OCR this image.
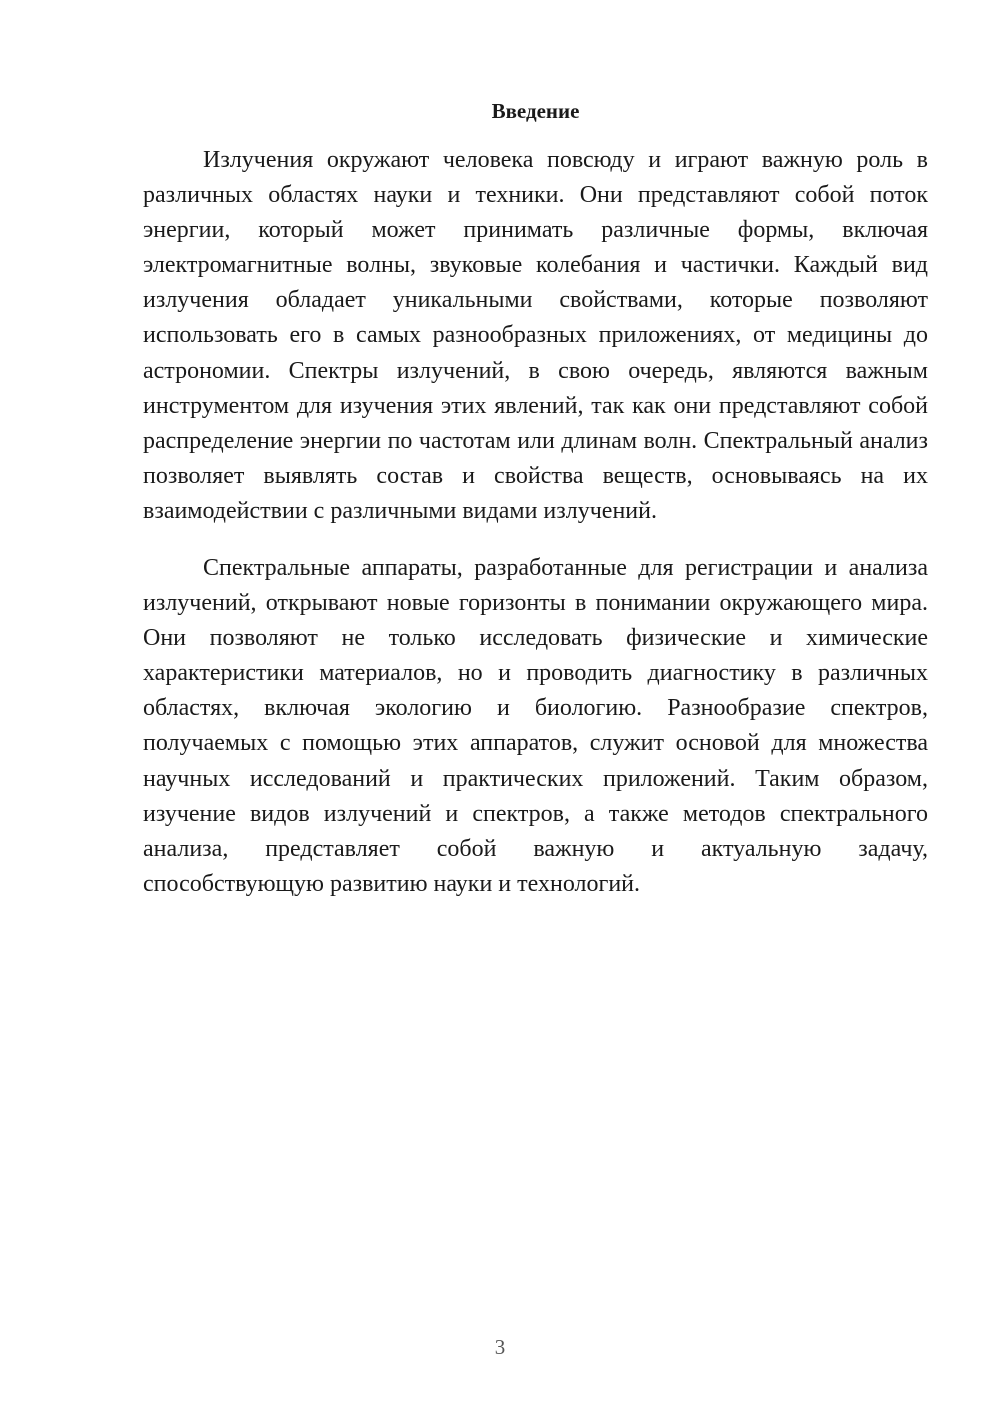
Введение

Излучения окружают человека повсюду и играют важную роль в различных областях науки и техники. Они представляют собой поток энергии, который может принимать различные формы, включая электромагнитные волны, звуковые колебания и частички. Каждый вид излучения обладает уникальными свойствами, которые позволяют использовать его в самых разнообразных приложениях, от медицины до астрономии. Спектры излучений, в свою очередь, являются важным инструментом для изучения этих явлений, так как они представляют собой распределение энергии по частотам или длинам волн. Спектральный анализ позволяет выявлять состав и свойства веществ, основываясь на их взаимодействии с различными видами излучений.

Спектральные аппараты, разработанные для регистрации и анализа излучений, открывают новые горизонты в понимании окружающего мира. Они позволяют не только исследовать физические и химические характеристики материалов, но и проводить диагностику в различных областях, включая экологию и биологию. Разнообразие спектров, получаемых с помощью этих аппаратов, служит основой для множества научных исследований и практических приложений. Таким образом, изучение видов излучений и спектров, а также методов спектрального анализа, представляет собой важную и актуальную задачу, способствующую развитию науки и технологий.

3
